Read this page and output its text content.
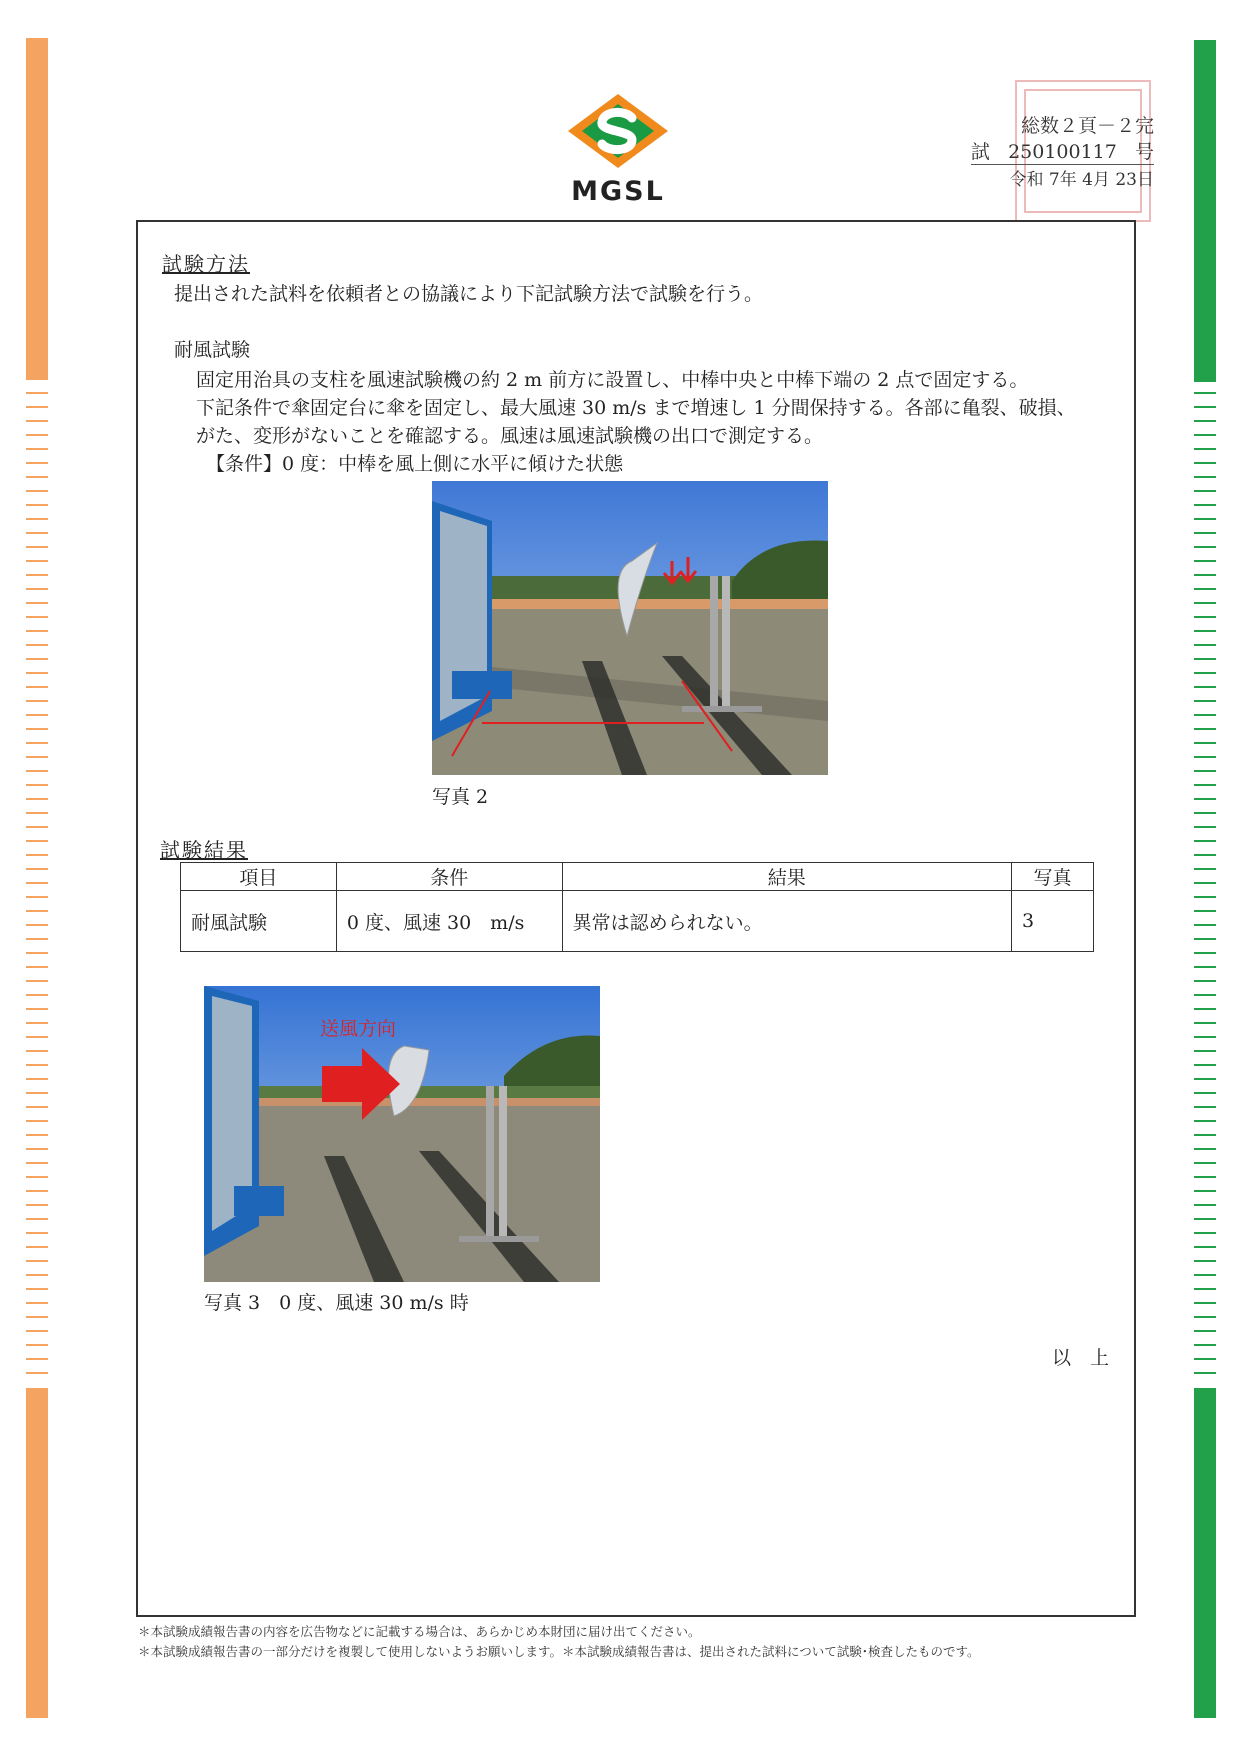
MGSL
総数２頁－２完
試 250100117 号
令和 7年 4月 23日
試験方法
提出された試料を依頼者との協議により下記試験方法で試験を行う。
耐風試験
固定用治具の支柱を風速試験機の約 2 m 前方に設置し、中棒中央と中棒下端の 2 点で固定する。
下記条件で傘固定台に傘を固定し、最大風速 30 m/s まで増速し 1 分間保持する。各部に亀裂、破損、
がた、変形がないことを確認する。風速は風速試験機の出口で測定する。
【条件】0 度：中棒を風上側に水平に傾けた状態
写真 2
試験結果
項目	条件	結果	写真
耐風試験	0 度、風速 30　m/s	異常は認められない。	3
送風方向
写真 3　0 度、風速 30 m/s 時
以　上
＊本試験成績報告書の内容を広告物などに記載する場合は、あらかじめ本財団に届け出てください。
＊本試験成績報告書の一部分だけを複製して使用しないようお願いします。＊本試験成績報告書は、提出された試料について試験･検査したものです。
